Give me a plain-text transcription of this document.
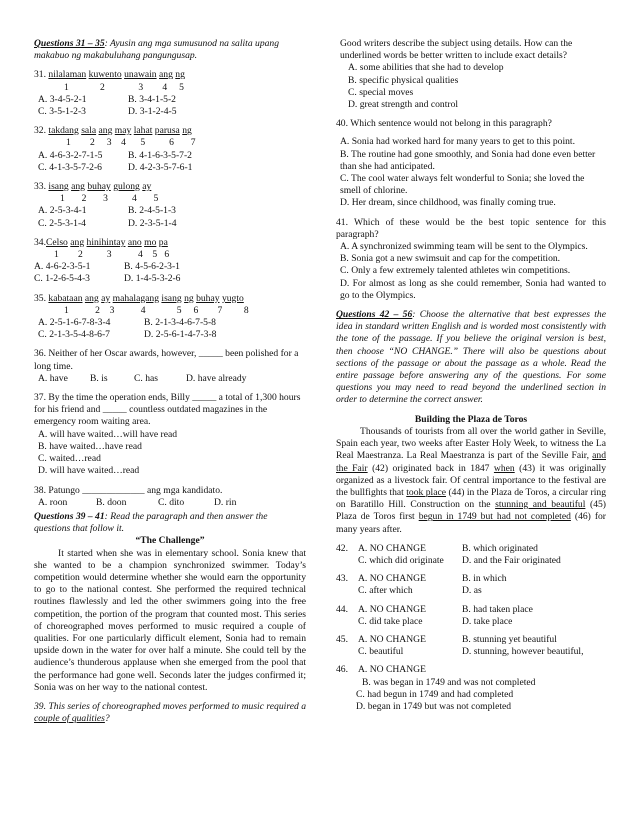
Questions 31 – 35: Ayusin ang mga sumusunod na salita upang makabuo ng makabuluhang pangungusap.

31. nilalaman kuwento unawain ang ng

1             2              3        4     5

A. 3-4-5-2-1	B. 3-4-1-5-2
C. 3-5-1-2-3	D. 3-1-2-4-5

32. takdang sala ang may lahat parusa ng

1        2     3    4      5          6       7

A. 4-6-3-2-7-1-5	B. 4-1-6-3-5-7-2
C. 4-1-3-5-7-2-6	D. 4-2-3-5-7-6-1

33. isang ang buhay gulong ay

1       2       3          4       5

A. 2-5-3-4-1	B. 2-4-5-1-3
C. 2-5-3-1-4	D. 2-3-5-1-4

34.Celso ang hinihintay ano mo pa

1        2          3           4    5   6

A. 4-6-2-3-5-1	B. 4-5-6-2-3-1
C. 1-2-6-5-4-3	D. 1-4-5-3-2-6

35. kabataan ang ay mahalagang isang ng buhay yugto

1           2    3           4             5     6        7         8

A. 2-5-1-6-7-8-3-4	B. 2-1-3-4-6-7-5-8
C. 2-1-3-5-4-8-6-7	D. 2-5-6-1-4-7-3-8

36. Neither of her Oscar awards, however, _____ been polished for a long time.

A. have	B. is	C. has	D. have already

37. By the time the operation ends, Billy _____ a total of 1,300 hours for his friend and _____ countless outdated magazines in the emergency room waiting area.

A. will have waited…will have read

B. have waited…have read

C. waited…read

D. will have waited…read

38. Patungo _____________ ang mga kandidato.

A. roon	B. doon	C. dito	D. rin

Questions 39 – 41: Read the paragraph and then answer the questions that follow it.

“The Challenge”

It started when she was in elementary school. Sonia knew that she wanted to be a champion synchronized swimmer. Today’s competition would determine whether she would earn the opportunity to go to the national contest. She performed the required technical routines flawlessly and led the other swimmers going into the free competition, the portion of the program that counted most. This series of choreographed moves performed to music required a couple of qualities. For one particularly difficult element, Sonia had to remain upside down in the water for over half a minute. She could tell by the audience’s thunderous applause when she emerged from the pool that the performance had gone well. Seconds later the judges confirmed it; Sonia was on her way to the national contest.

39. This series of choreographed moves performed to music required a couple of qualities?

Good writers describe the subject using details. How can the underlined words be better written to include exact details?

A. some abilities that she had to develop

B. specific physical qualities

C. special moves

D. great strength and control

40. Which sentence would not belong in this paragraph?

A. Sonia had worked hard for many years to get to this point.

B. The routine had gone smoothly, and Sonia had done even better than she had anticipated.

C. The cool water always felt wonderful to Sonia; she loved the smell of chlorine.

D. Her dream, since childhood, was finally coming true.

41. Which of these would be the best topic sentence for this paragraph?

A. A synchronized swimming team will be sent to the Olympics.

B. Sonia got a new swimsuit and cap for the competition.

C. Only a few extremely talented athletes win competitions.

D. For almost as long as she could remember, Sonia had wanted to go to the Olympics.

Questions 42 – 56: Choose the alternative that best expresses the idea in standard written English and is worded most consistently with the tone of the passage. If you believe the original version is best, then choose “NO CHANGE.” There will also be questions about sections of the passage or about the passage as a whole. Read the entire passage before answering any of the questions. For some questions you may need to read beyond the underlined section in order to determine the correct answer.

Building the Plaza de Toros

Thousands of tourists from all over the world gather in Seville, Spain each year, two weeks after Easter Holy Week, to witness the La Real Maestranza. La Real Maestranza is part of the Seville Fair, and the Fair (42) originated back in 1847 when (43) it was originally organized as a livestock fair. Of central importance to the festival are the bullfights that took place (44) in the Plaza de Toros, a circular ring on Baratillo Hill. Construction on the stunning and beautiful (45) Plaza de Toros first begun in 1749 but had not completed (46) for many years after.

42.	A. NO CHANGE	B. which originated
C. which did originate	D. and the Fair originated
43.	A. NO CHANGE	B. in which
C. after which	D. as
44.	A. NO CHANGE	B. had taken place
C. did take place	D. take place
45.	A. NO CHANGE	B. stunning yet beautiful
C. beautiful	D. stunning, however beautiful,
46.	A. NO CHANGE

B. was began in 1749 and was not completed

C. had begun in 1749 and had completed

D. began in 1749 but was not completed
